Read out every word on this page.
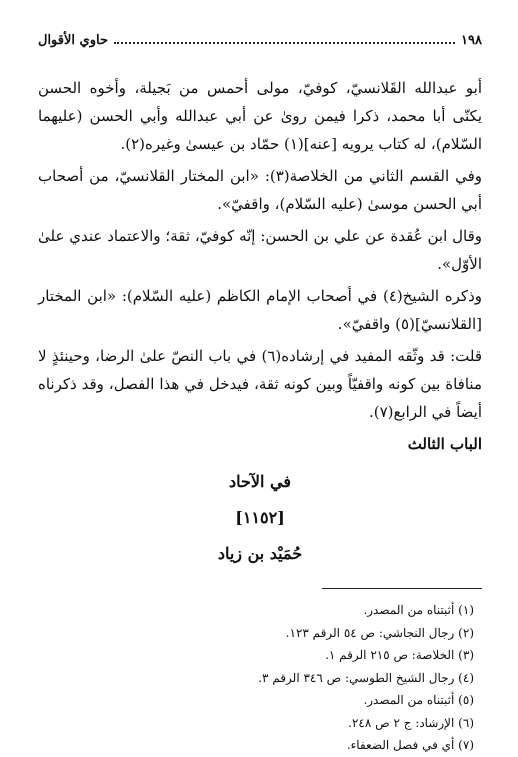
١٩٨
حاوي الأقوال

أبو عبدالله القَلانسيّ، كوفيّ، مولى أحمس من بَجيلة، وأخوه الحسن يكنّى أبا محمد، ذكرا فيمن روىٰ عن أبي عبدالله وأبي الحسن (عليهما السّلام)، له كتاب يرويه [عنه](١) حمّاد بن عيسىٰ وغيره(٢).

وفي القسم الثاني من الخلاصة(٣): «ابن المختار القلانسيّ، من أصحاب أبي الحسن موسىٰ (عليه السّلام)، واقفيّ».

وقال ابن عُقدة عن علي بن الحسن: إنّه كوفيّ، ثقة؛ والاعتماد عندي علىٰ الأوّل».

وذكره الشيخ(٤) في أصحاب الإمام الكاظم (عليه السّلام): «ابن المختار [القلانسيّ](٥) واقفيّ».

قلت: قد وثّقه المفيد في إرشاده(٦) في باب النصّ علىٰ الرضا، وحينئذٍ لا منافاة بين كونه واقفيّاً وبين كونه ثقة، فيدخل في هذا الفصل، وقد ذكرناه أيضاً في الرابع(٧).

الباب الثالث
في الآحاد
[١١٥٢]
حُمَيْد بن زياد
(١) أثبتناه من المصدر.
(٢) رجال النجاشي: ص ٥٤ الرقم ١٢٣.
(٣) الخلاصة: ص ٢١٥ الرقم ١.
(٤) رجال الشيخ الطوسي: ص ٣٤٦ الرقم ٣.
(٥) أثبتناه من المصدر.
(٦) الإرشاد: ج ٢ ص ٢٤٨.
(٧) أي في فصل الضعفاء.
